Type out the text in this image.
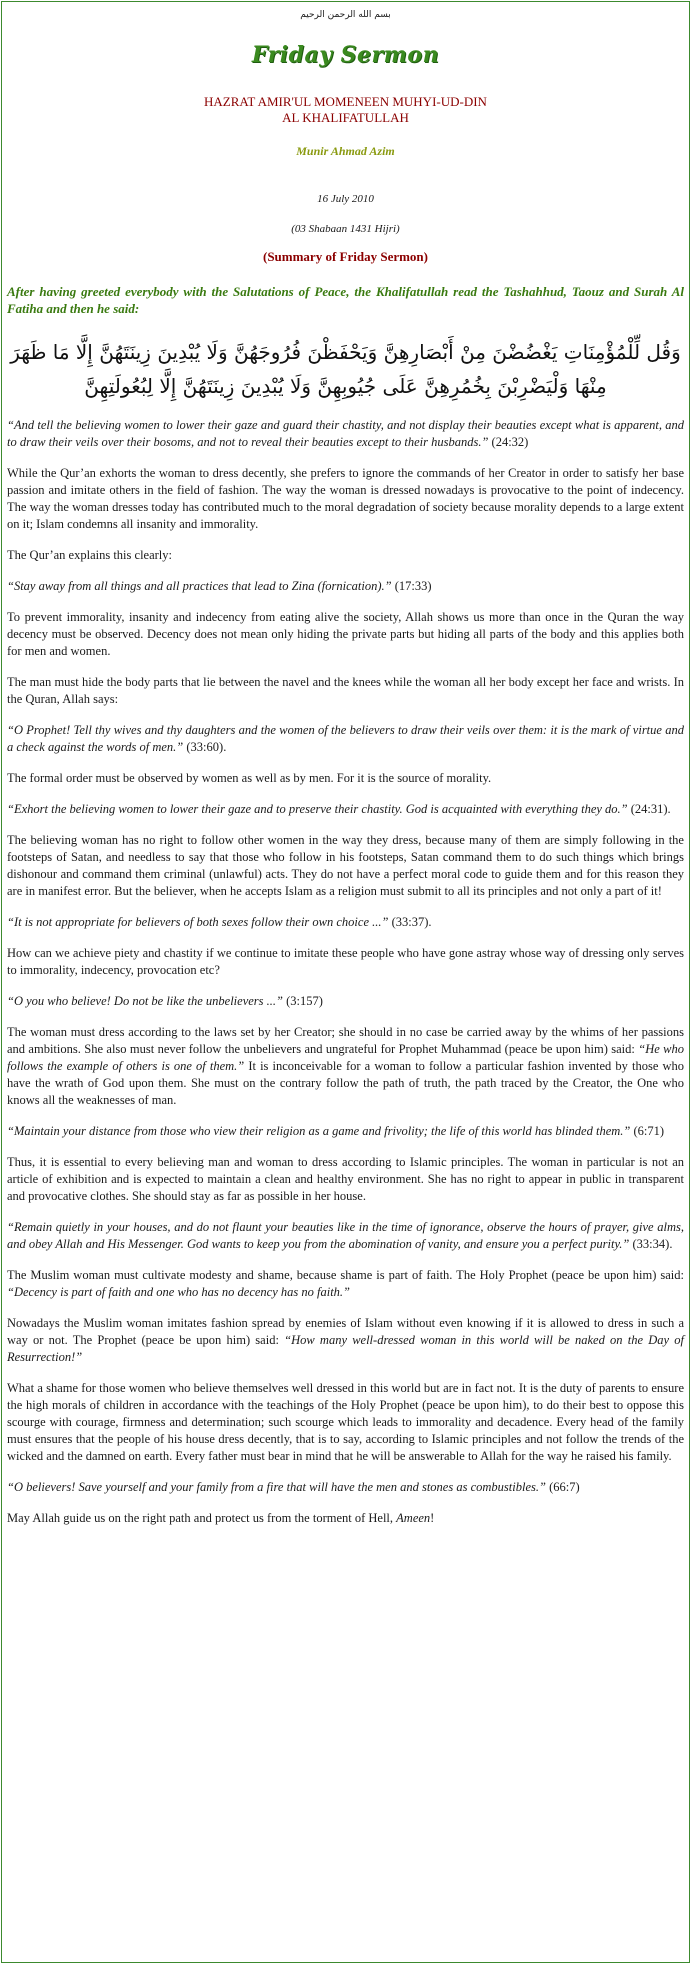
بسم الله الرحمن الرحيم
Friday Sermon
HAZRAT AMIR'UL MOMENEEN MUHYI-UD-DIN
AL KHALIFATULLAH
Munir Ahmad Azim
16 July 2010
(03 Shabaan 1431 Hijri)
(Summary of Friday Sermon)
After having greeted everybody with the Salutations of Peace, the Khalifatullah read the Tashahhud, Taouz and Surah Al Fatiha and then he said:
وَقُل لِّلْمُؤْمِنَاتِ يَغْضُضْنَ مِنْ أَبْصَارِهِنَّ وَيَحْفَظْنَ فُرُوجَهُنَّ وَلَا يُبْدِينَ زِينَتَهُنَّ إِلَّا مَا ظَهَرَ مِنْهَا وَلْيَضْرِبْنَ بِخُمُرِهِنَّ عَلَى جُيُوبِهِنَّ وَلَا يُبْدِينَ زِينَتَهُنَّ إِلَّا لِبُعُولَتِهِنَّ

“And tell the believing women to lower their gaze and guard their chastity, and not display their beauties except what is apparent, and to draw their veils over their bosoms, and not to reveal their beauties except to their husbands.” (24:32)

While the Qur’an exhorts the woman to dress decently, she prefers to ignore the commands of her Creator in order to satisfy her base passion and imitate others in the field of fashion. The way the woman is dressed nowadays is provocative to the point of indecency. The way the woman dresses today has contributed much to the moral degradation of society because morality depends to a large extent on it; Islam condemns all insanity and immorality.

The Qur’an explains this clearly:

“Stay away from all things and all practices that lead to Zina (fornication).” (17:33)

To prevent immorality, insanity and indecency from eating alive the society, Allah shows us more than once in the Quran the way decency must be observed. Decency does not mean only hiding the private parts but hiding all parts of the body and this applies both for men and women.

The man must hide the body parts that lie between the navel and the knees while the woman all her body except her face and wrists. In the Quran, Allah says:

“O Prophet! Tell thy wives and thy daughters and the women of the believers to draw their veils over them: it is the mark of virtue and a check against the words of men.” (33:60).

The formal order must be observed by women as well as by men. For it is the source of morality.

“Exhort the believing women to lower their gaze and to preserve their chastity. God is acquainted with everything they do.” (24:31).

The believing woman has no right to follow other women in the way they dress, because many of them are simply following in the footsteps of Satan, and needless to say that those who follow in his footsteps, Satan command them to do such things which brings dishonour and command them criminal (unlawful) acts. They do not have a perfect moral code to guide them and for this reason they are in manifest error. But the believer, when he accepts Islam as a religion must submit to all its principles and not only a part of it!

“It is not appropriate for believers of both sexes follow their own choice ...” (33:37).

How can we achieve piety and chastity if we continue to imitate these people who have gone astray whose way of dressing only serves to immorality, indecency, provocation etc?

“O you who believe! Do not be like the unbelievers ...” (3:157)

The woman must dress according to the laws set by her Creator; she should in no case be carried away by the whims of her passions and ambitions. She also must never follow the unbelievers and ungrateful for Prophet Muhammad (peace be upon him) said: “He who follows the example of others is one of them.” It is inconceivable for a woman to follow a particular fashion invented by those who have the wrath of God upon them. She must on the contrary follow the path of truth, the path traced by the Creator, the One who knows all the weaknesses of man.

“Maintain your distance from those who view their religion as a game and frivolity; the life of this world has blinded them.” (6:71)

Thus, it is essential to every believing man and woman to dress according to Islamic principles. The woman in particular is not an article of exhibition and is expected to maintain a clean and healthy environment. She has no right to appear in public in transparent and provocative clothes. She should stay as far as possible in her house.

“Remain quietly in your houses, and do not flaunt your beauties like in the time of ignorance, observe the hours of prayer, give alms, and obey Allah and His Messenger. God wants to keep you from the abomination of vanity, and ensure you a perfect purity.” (33:34).

The Muslim woman must cultivate modesty and shame, because shame is part of faith. The Holy Prophet (peace be upon him) said: “Decency is part of faith and one who has no decency has no faith.”

Nowadays the Muslim woman imitates fashion spread by enemies of Islam without even knowing if it is allowed to dress in such a way or not. The Prophet (peace be upon him) said: “How many well-dressed woman in this world will be naked on the Day of Resurrection!”

What a shame for those women who believe themselves well dressed in this world but are in fact not. It is the duty of parents to ensure the high morals of children in accordance with the teachings of the Holy Prophet (peace be upon him), to do their best to oppose this scourge with courage, firmness and determination; such scourge which leads to immorality and decadence. Every head of the family must ensures that the people of his house dress decently, that is to say, according to Islamic principles and not follow the trends of the wicked and the damned on earth. Every father must bear in mind that he will be answerable to Allah for the way he raised his family.

“O believers! Save yourself and your family from a fire that will have the men and stones as combustibles.” (66:7)

May Allah guide us on the right path and protect us from the torment of Hell, Ameen!
